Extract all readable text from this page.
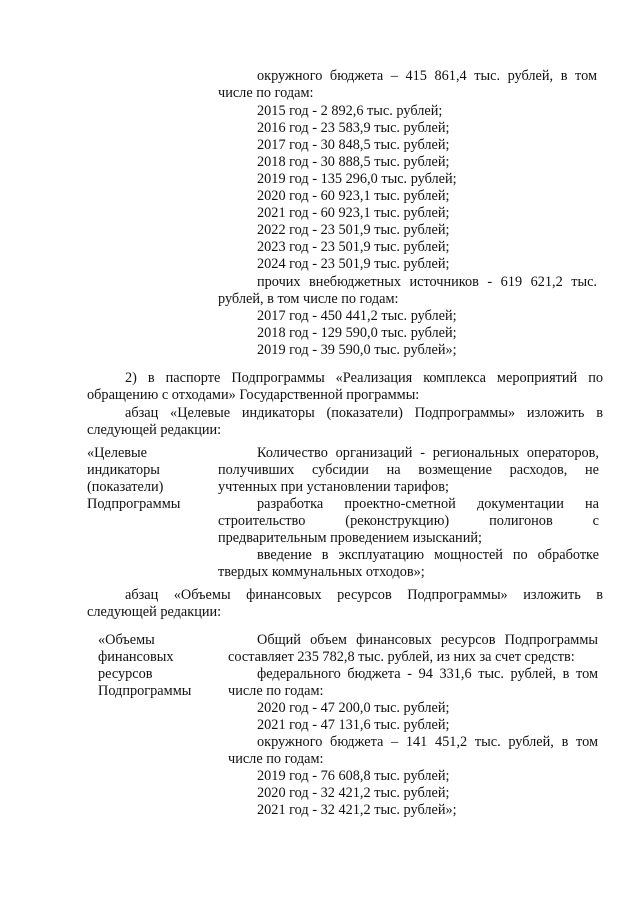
окружного бюджета – 415 861,4 тыс. рублей, в том
числе по годам:
2015 год - 2 892,6 тыс. рублей;
2016 год - 23 583,9 тыс. рублей;
2017 год - 30 848,5 тыс. рублей;
2018 год - 30 888,5 тыс. рублей;
2019 год - 135 296,0 тыс. рублей;
2020 год - 60 923,1 тыс. рублей;
2021 год - 60 923,1 тыс. рублей;
2022 год - 23 501,9 тыс. рублей;
2023 год - 23 501,9 тыс. рублей;
2024 год - 23 501,9 тыс. рублей;
прочих внебюджетных источников - 619 621,2 тыс.
рублей, в том числе по годам:
2017 год - 450 441,2 тыс. рублей;
2018 год - 129 590,0 тыс. рублей;
2019 год - 39 590,0 тыс. рублей»;
2) в паспорте Подпрограммы «Реализация комплекса мероприятий по
обращению с отходами» Государственной программы:
абзац «Целевые индикаторы (показатели) Подпрограммы» изложить в
следующей редакции:
«Целевые
индикаторы
(показатели)
Подпрограммы
Количество организаций - региональных операторов,
получивших субсидии на возмещение расходов, не
учтенных при установлении тарифов;
разработка проектно-сметной документации на
строительство (реконструкцию) полигонов с
предварительным проведением изысканий;
введение в эксплуатацию мощностей по обработке
твердых коммунальных отходов»;
абзац «Объемы финансовых ресурсов Подпрограммы» изложить в
следующей редакции:
«Объемы
финансовых
ресурсов
Подпрограммы
Общий объем финансовых ресурсов Подпрограммы
составляет 235 782,8 тыс. рублей, из них за счет средств:
федерального бюджета - 94 331,6 тыс. рублей, в том
числе по годам:
2020 год - 47 200,0 тыс. рублей;
2021 год - 47 131,6 тыс. рублей;
окружного бюджета – 141 451,2 тыс. рублей, в том
числе по годам:
2019 год - 76 608,8 тыс. рублей;
2020 год - 32 421,2 тыс. рублей;
2021 год - 32 421,2 тыс. рублей»;
